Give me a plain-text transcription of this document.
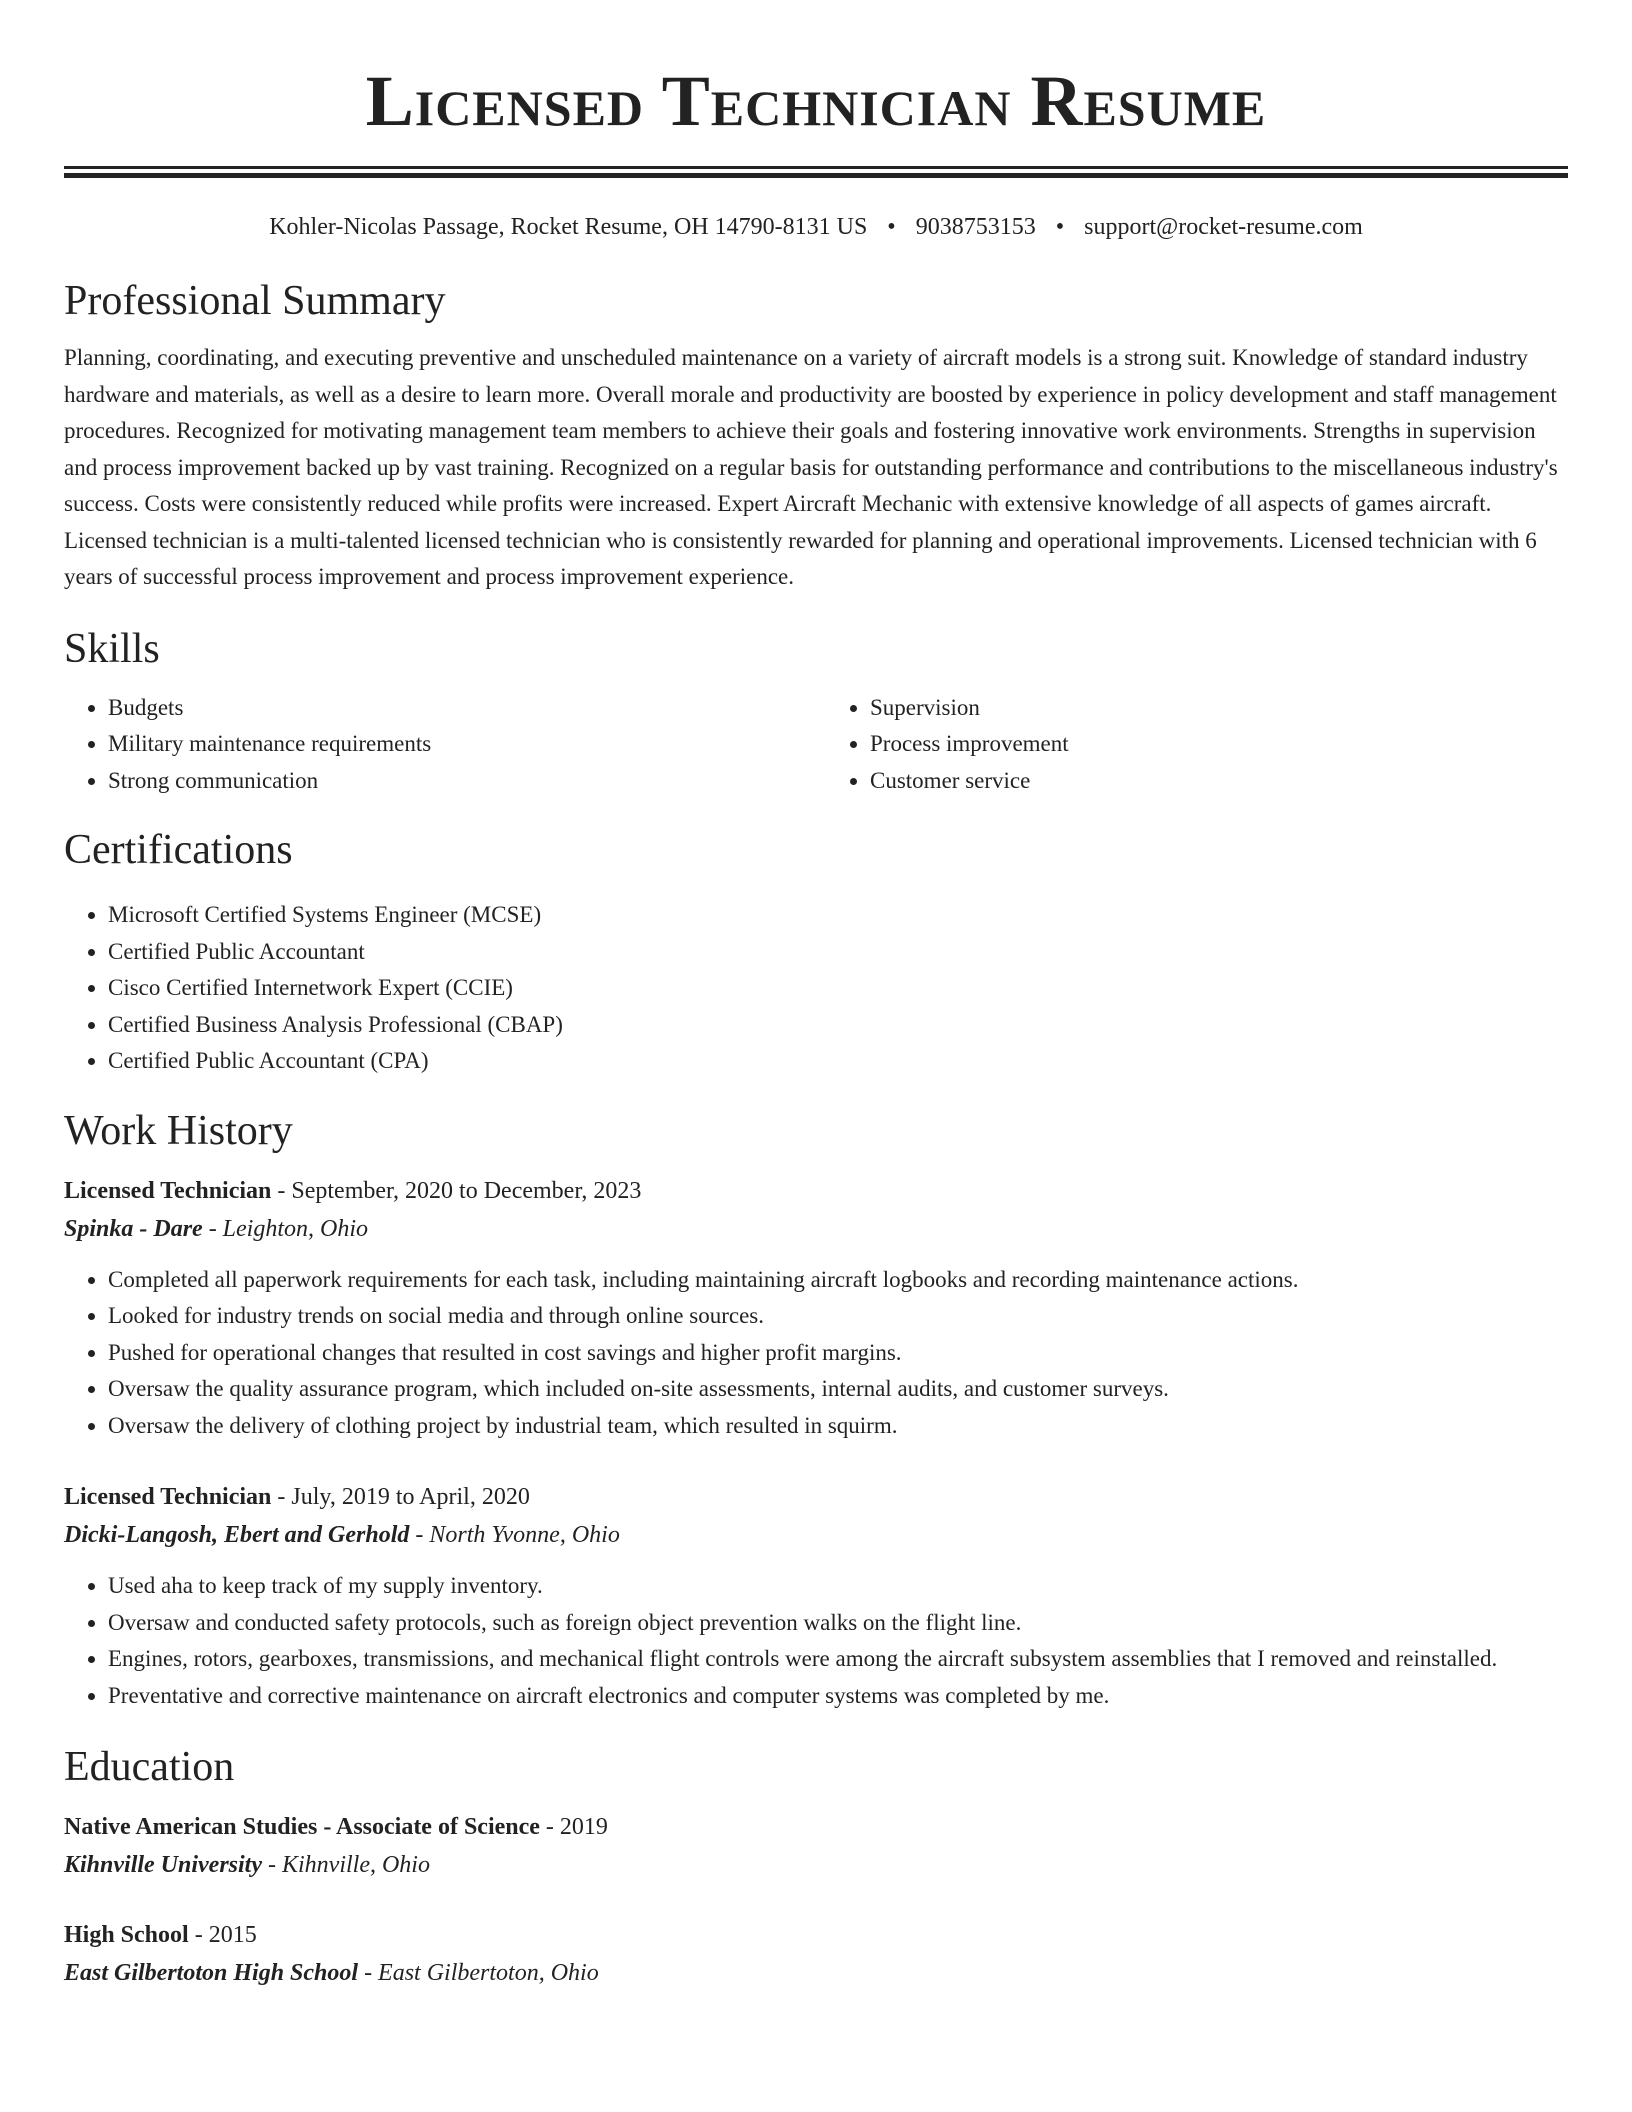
Licensed Technician Resume
Kohler-Nicolas Passage, Rocket Resume, OH 14790-8131 US • 9038753153 • support@rocket-resume.com
Professional Summary
Planning, coordinating, and executing preventive and unscheduled maintenance on a variety of aircraft models is a strong suit. Knowledge of standard industry hardware and materials, as well as a desire to learn more. Overall morale and productivity are boosted by experience in policy development and staff management procedures. Recognized for motivating management team members to achieve their goals and fostering innovative work environments. Strengths in supervision and process improvement backed up by vast training. Recognized on a regular basis for outstanding performance and contributions to the miscellaneous industry's success. Costs were consistently reduced while profits were increased. Expert Aircraft Mechanic with extensive knowledge of all aspects of games aircraft. Licensed technician is a multi-talented licensed technician who is consistently rewarded for planning and operational improvements. Licensed technician with 6 years of successful process improvement and process improvement experience.
Skills
• Budgets
• Military maintenance requirements
• Strong communication
• Supervision
• Process improvement
• Customer service
Certifications
• Microsoft Certified Systems Engineer (MCSE)
• Certified Public Accountant
• Cisco Certified Internetwork Expert (CCIE)
• Certified Business Analysis Professional (CBAP)
• Certified Public Accountant (CPA)
Work History
Licensed Technician - September, 2020 to December, 2023
Spinka - Dare - Leighton, Ohio
• Completed all paperwork requirements for each task, including maintaining aircraft logbooks and recording maintenance actions.
• Looked for industry trends on social media and through online sources.
• Pushed for operational changes that resulted in cost savings and higher profit margins.
• Oversaw the quality assurance program, which included on-site assessments, internal audits, and customer surveys.
• Oversaw the delivery of clothing project by industrial team, which resulted in squirm.
Licensed Technician - July, 2019 to April, 2020
Dicki-Langosh, Ebert and Gerhold - North Yvonne, Ohio
• Used aha to keep track of my supply inventory.
• Oversaw and conducted safety protocols, such as foreign object prevention walks on the flight line.
• Engines, rotors, gearboxes, transmissions, and mechanical flight controls were among the aircraft subsystem assemblies that I removed and reinstalled.
• Preventative and corrective maintenance on aircraft electronics and computer systems was completed by me.
Education
Native American Studies - Associate of Science - 2019
Kihnville University - Kihnville, Ohio
High School - 2015
East Gilbertoton High School - East Gilbertoton, Ohio
